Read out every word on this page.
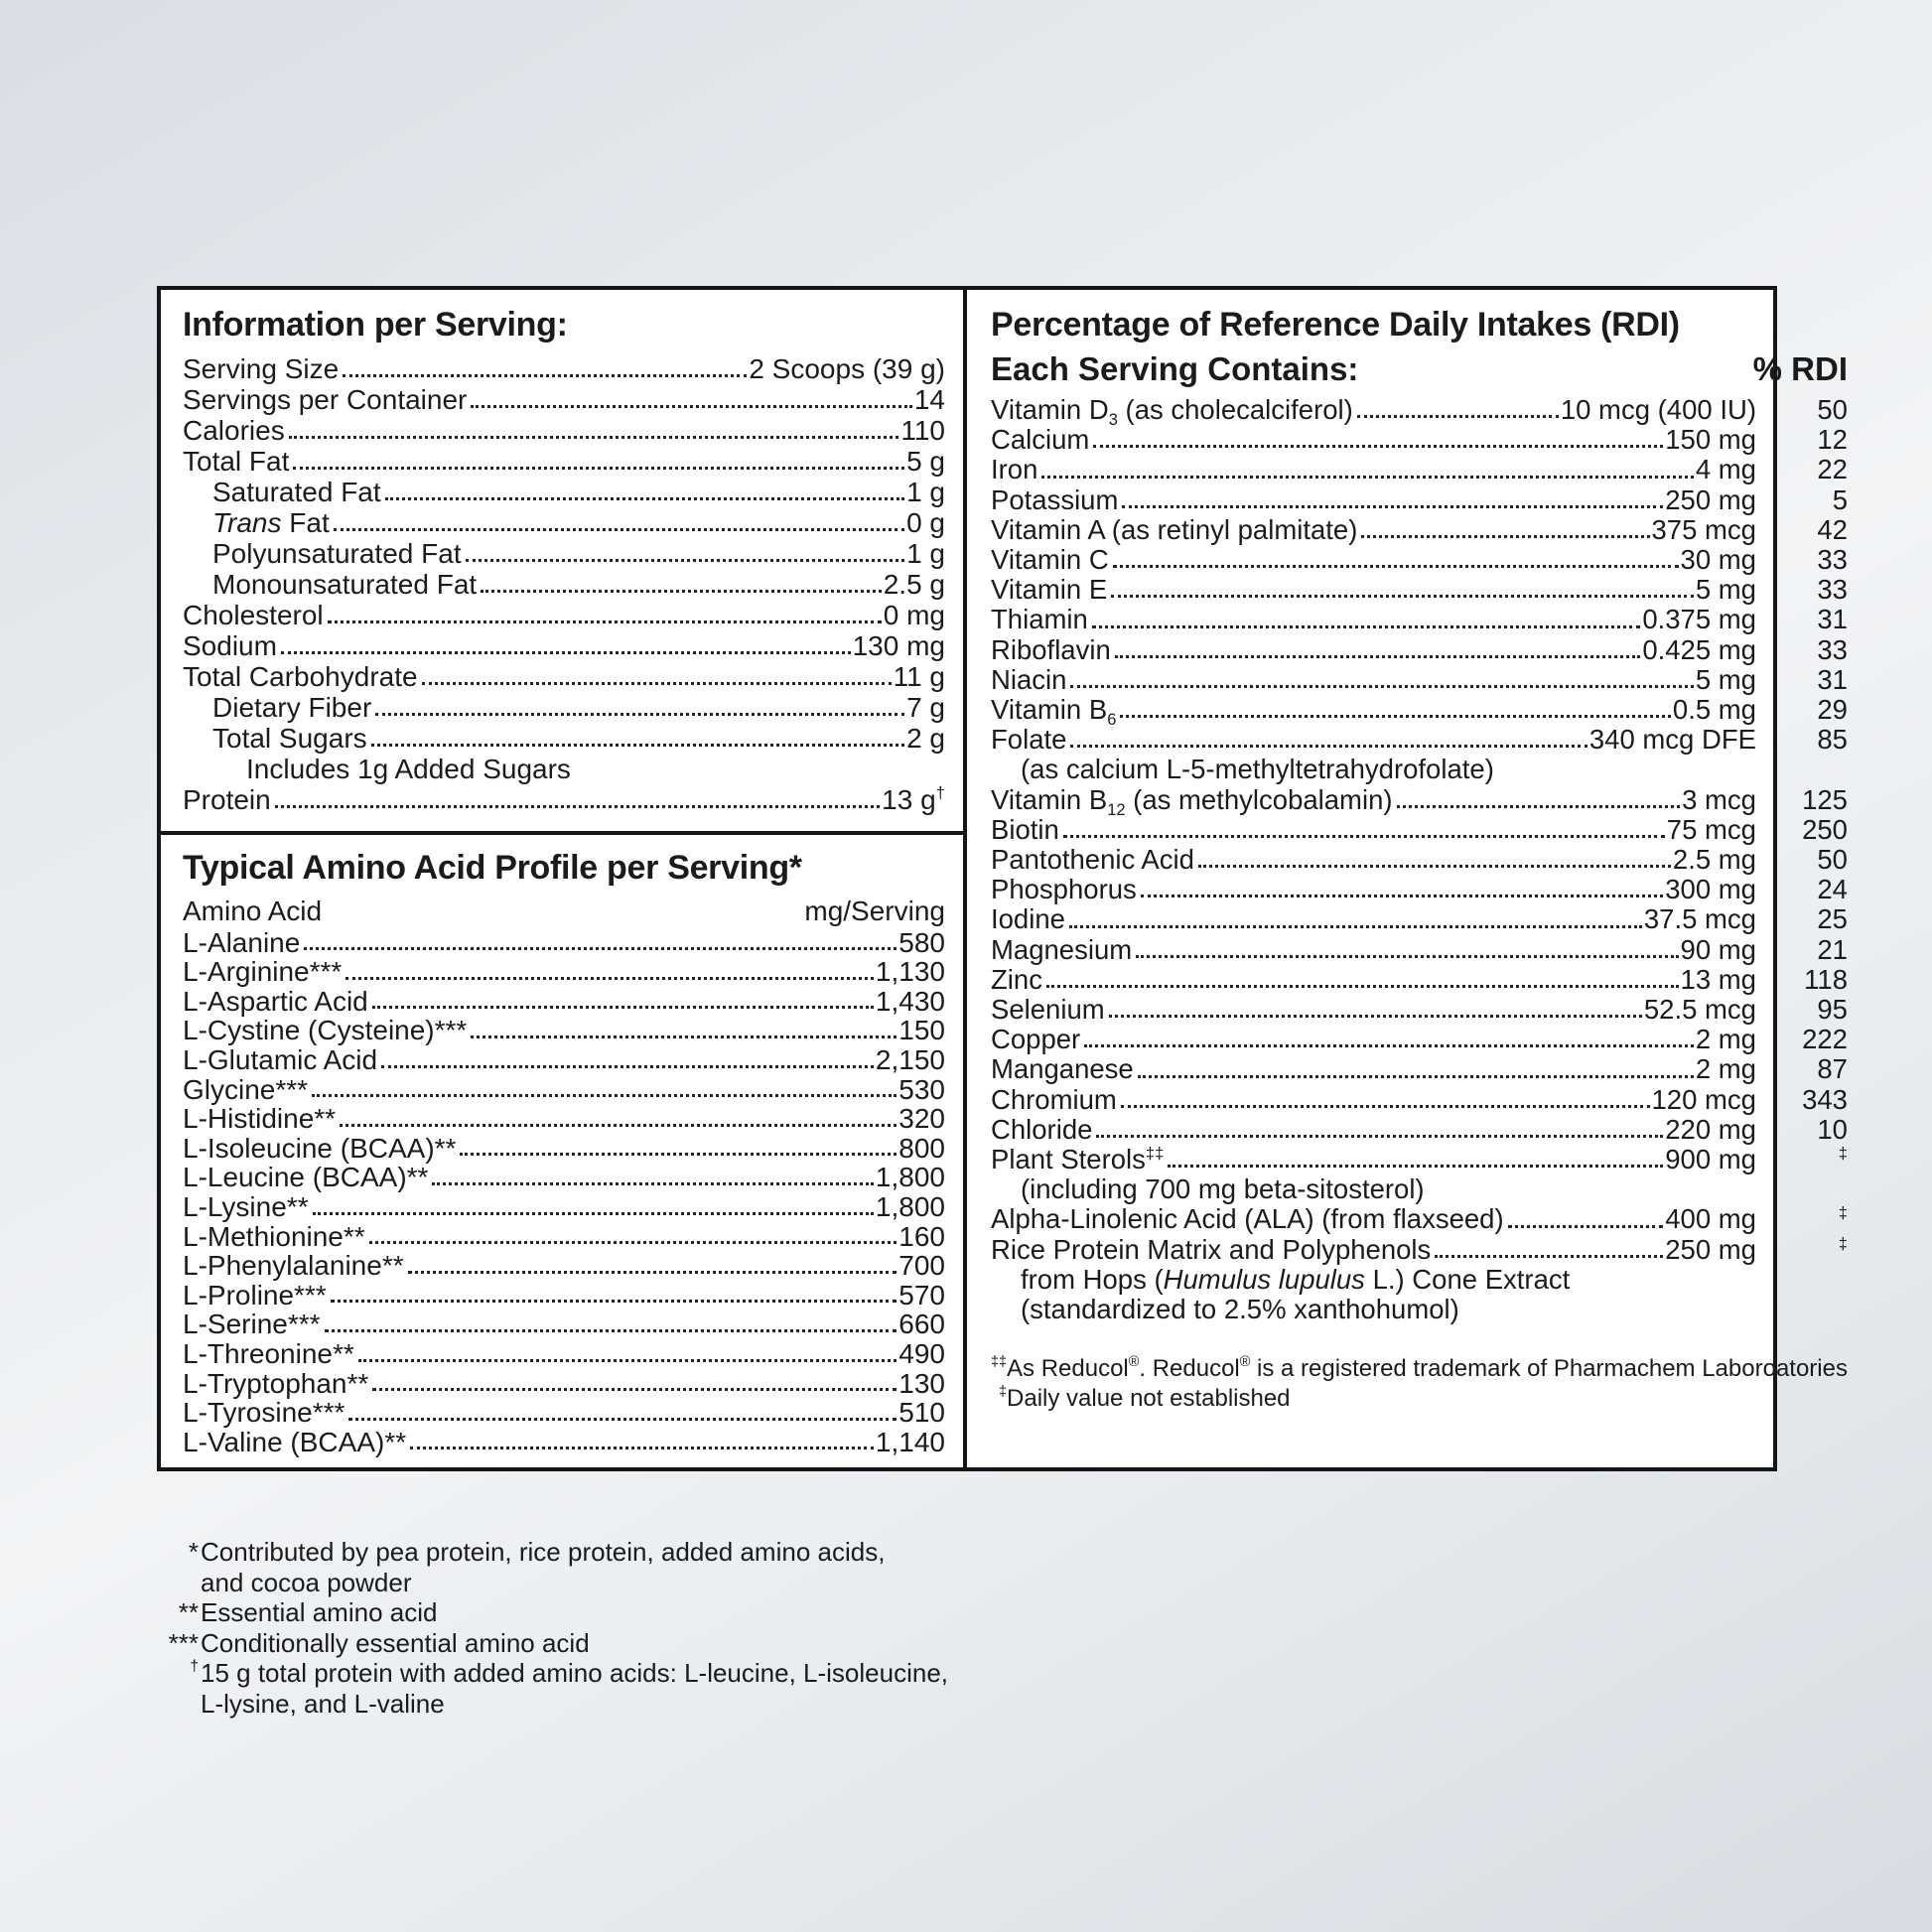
Information per Serving:
Serving Size	2 Scoops (39 g)
Servings per Container	14
Calories	110
Total Fat	5 g
Saturated Fat	1 g
Trans Fat	0 g
Polyunsaturated Fat	1 g
Monounsaturated Fat	2.5 g
Cholesterol	0 mg
Sodium	130 mg
Total Carbohydrate	11 g
Dietary Fiber	7 g
Total Sugars	2 g
Includes 1g Added Sugars
Protein	13 g†
Typical Amino Acid Profile per Serving*
Amino Acid	mg/Serving
L-Alanine	580
L-Arginine***	1,130
L-Aspartic Acid	1,430
L-Cystine (Cysteine)***	150
L-Glutamic Acid	2,150
Glycine***	530
L-Histidine**	320
L-Isoleucine (BCAA)**	800
L-Leucine (BCAA)**	1,800
L-Lysine**	1,800
L-Methionine**	160
L-Phenylalanine**	700
L-Proline***	570
L-Serine***	660
L-Threonine**	490
L-Tryptophan**	130
L-Tyrosine***	510
L-Valine (BCAA)**	1,140
Percentage of Reference Daily Intakes (RDI)
Each Serving Contains:	% RDI
Vitamin $D_3$ (as cholecalciferol)	10 mcg (400 IU)	50
Calcium	150 mg	12
Iron	4 mg	22
Potassium	250 mg	5
Vitamin A (as retinyl palmitate)	375 mcg	42
Vitamin C	30 mg	33
Vitamin E	5 mg	33
Thiamin	0.375 mg	31
Riboflavin	0.425 mg	33
Niacin	5 mg	31
Vitamin $B_6$	0.5 mg	29
Folate	340 mcg DFE	85
(as calcium L-5-methyltetrahydrofolate)
Vitamin $B_{12}$ (as methylcobalamin)	3 mcg	125
Biotin	75 mcg	250
Pantothenic Acid	2.5 mg	50
Phosphorus	300 mg	24
Iodine	37.5 mcg	25
Magnesium	90 mg	21
Zinc	13 mg	118
Selenium	52.5 mcg	95
Copper	2 mg	222
Manganese	2 mg	87
Chromium	120 mcg	343
Chloride	220 mg	10
Plant Sterols‡‡	900 mg	‡
(including 700 mg beta-sitosterol)
Alpha-Linolenic Acid (ALA) (from flaxseed)	400 mg	‡
Rice Protein Matrix and Polyphenols	250 mg	‡
from Hops (Humulus lupulus L.) Cone Extract
(standardized to 2.5% xanthohumol)
‡‡As Reducol®. Reducol® is a registered trademark of Pharmachem Laboroatories
‡Daily value not established
* Contributed by pea protein, rice protein, added amino acids,
and cocoa powder
** Essential amino acid
*** Conditionally essential amino acid
† 15 g total protein with added amino acids: L-leucine, L-isoleucine,
L-lysine, and L-valine
